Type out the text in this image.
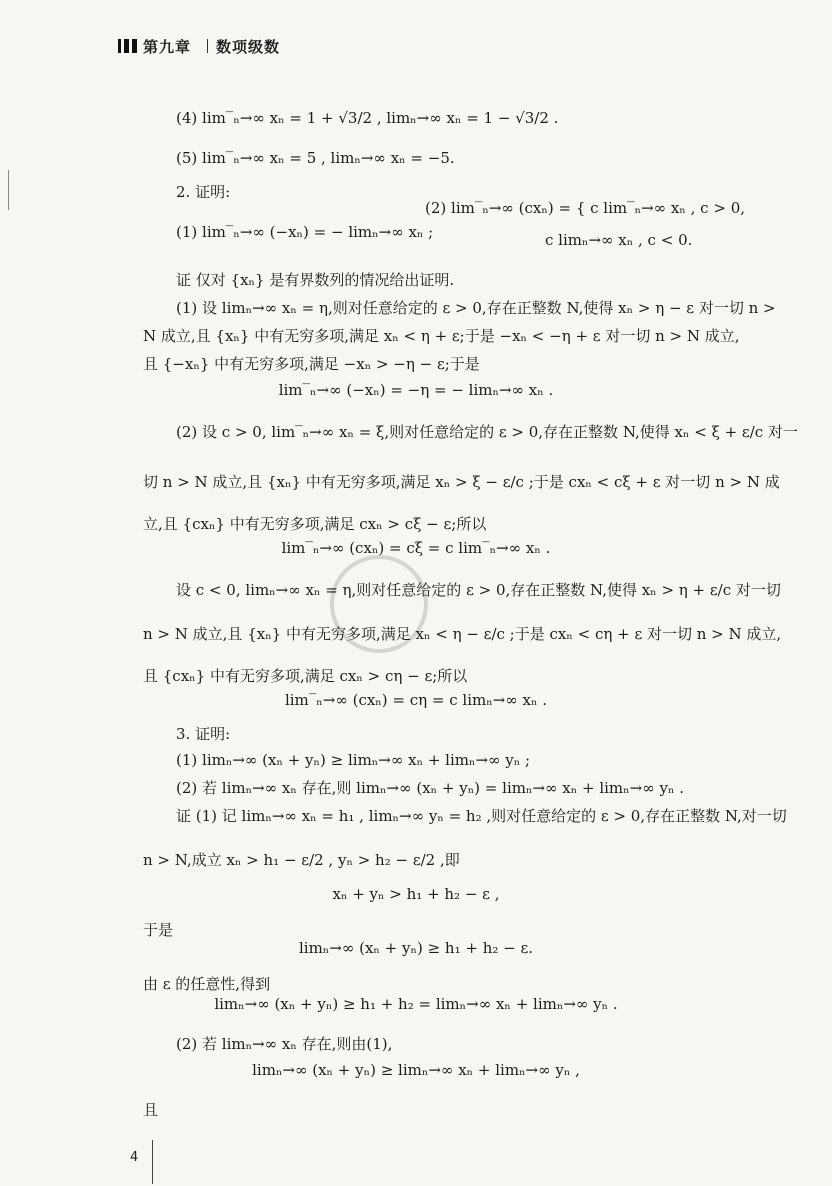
第九章 数项级数
(4) lim‾ₙ→∞ xₙ = 1 + √3/2 , limₙ→∞ xₙ = 1 − √3/2 .
(5) lim‾ₙ→∞ xₙ = 5 , limₙ→∞ xₙ = −5.
2. 证明:
(1) lim‾ₙ→∞ (−xₙ) = − limₙ→∞ xₙ ;
(2) lim‾ₙ→∞ (cxₙ) = { c lim‾ₙ→∞ xₙ , c > 0,
c limₙ→∞ xₙ , c < 0.
证 仅对 {xₙ} 是有界数列的情况给出证明.
(1) 设 limₙ→∞ xₙ = η,则对任意给定的 ε > 0,存在正整数 N,使得 xₙ > η − ε 对一切 n >
N 成立,且 {xₙ} 中有无穷多项,满足 xₙ < η + ε;于是 −xₙ < −η + ε 对一切 n > N 成立,
且 {−xₙ} 中有无穷多项,满足 −xₙ > −η − ε;于是
lim‾ₙ→∞ (−xₙ) = −η = − limₙ→∞ xₙ .
(2) 设 c > 0, lim‾ₙ→∞ xₙ = ξ,则对任意给定的 ε > 0,存在正整数 N,使得 xₙ < ξ + ε/c 对一
切 n > N 成立,且 {xₙ} 中有无穷多项,满足 xₙ > ξ − ε/c ;于是 cxₙ < cξ + ε 对一切 n > N 成
立,且 {cxₙ} 中有无穷多项,满足 cxₙ > cξ − ε;所以
lim‾ₙ→∞ (cxₙ) = cξ = c lim‾ₙ→∞ xₙ .
设 c < 0, limₙ→∞ xₙ = η,则对任意给定的 ε > 0,存在正整数 N,使得 xₙ > η + ε/c 对一切
n > N 成立,且 {xₙ} 中有无穷多项,满足 xₙ < η − ε/c ;于是 cxₙ < cη + ε 对一切 n > N 成立,
且 {cxₙ} 中有无穷多项,满足 cxₙ > cη − ε;所以
lim‾ₙ→∞ (cxₙ) = cη = c limₙ→∞ xₙ .
3. 证明:
(1) limₙ→∞ (xₙ + yₙ) ≥ limₙ→∞ xₙ + limₙ→∞ yₙ ;
(2) 若 limₙ→∞ xₙ 存在,则 limₙ→∞ (xₙ + yₙ) = limₙ→∞ xₙ + limₙ→∞ yₙ .
证 (1) 记 limₙ→∞ xₙ = h₁ , limₙ→∞ yₙ = h₂ ,则对任意给定的 ε > 0,存在正整数 N,对一切
n > N,成立 xₙ > h₁ − ε/2 , yₙ > h₂ − ε/2 ,即
xₙ + yₙ > h₁ + h₂ − ε ,
于是
limₙ→∞ (xₙ + yₙ) ≥ h₁ + h₂ − ε.
由 ε 的任意性,得到
limₙ→∞ (xₙ + yₙ) ≥ h₁ + h₂ = limₙ→∞ xₙ + limₙ→∞ yₙ .
(2) 若 limₙ→∞ xₙ 存在,则由(1),
limₙ→∞ (xₙ + yₙ) ≥ limₙ→∞ xₙ + limₙ→∞ yₙ ,
且
4
